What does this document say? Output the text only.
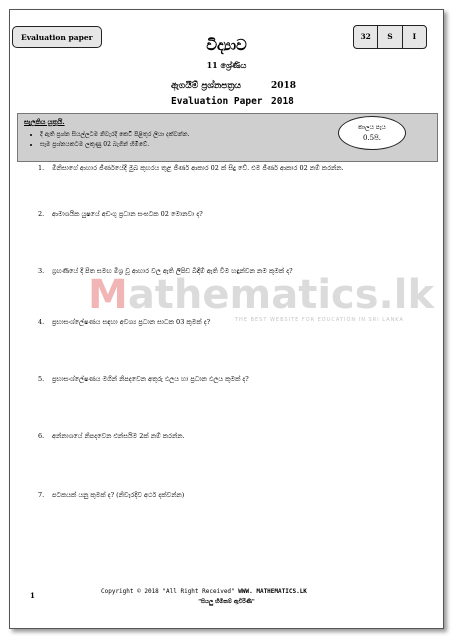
Evaluation paper	32	S	I
විද්‍යාව
11 ශ්‍රේණිය
ඇගයීම් ප්‍රශ්නපත්‍රය	2018
Evaluation Paper 2018
සැලකිය යුතුයි.
• දී ඇති ප්‍රශ්න සියල්ලටම නිවැරදි කෙටි පිළිතුර ලියා දක්වන්න.
• සෑම ප්‍රශ්නයකටම ලකුණු 02 බැගින් හිමිවේ.
කාලය පැය
0.5පි.
1. මිනිසාගේ ආහාර ජීර්ණයේදී මුඛ කුහරය තුළ ජීර්ණ ආකාර 02 ක් සිදු වේ. එම ජීර්ණ ආකාර 02 නම් කරන්න.
2. ආමාශයික යුෂයේ අඩංගු ප්‍රධාන සංඝටක 02 මොනවා ද?
3. ග්‍රහණියේ දී පිත සමඟ මිශ්‍ර වූ ආහාර වල ඇති ලිපිඩ බිඳීම් ඇති වීම හඳුන්වන නම කුමක් ද?
4. ප්‍රභාසංශ්ලේෂණය සඳහා අවශ්‍ය ප්‍රධාන සාධක 03 කුමක් ද?
5. ප්‍රභාසංශ්ලේෂණය මගින් නිපදවෙන අතුරු ඵලය හා ප්‍රධාන ඵලය කුමක් ද?
6. අන්නාශයේ නිපදවෙන එන්සයිම 2ක් නම් කරන්න.
7. පටකයක් යනු කුමක් ද? (නිවැරදිව අර්ථ දක්වන්න)
Mathematics.lk
THE BEST WEBSITE FOR EDUCATION IN SRI LANKA
1	Copyright © 2018 "All Right Received" WWW. MATHEMATICS.LK
"සියලු හිමිකම් ඇවිරිණි"
